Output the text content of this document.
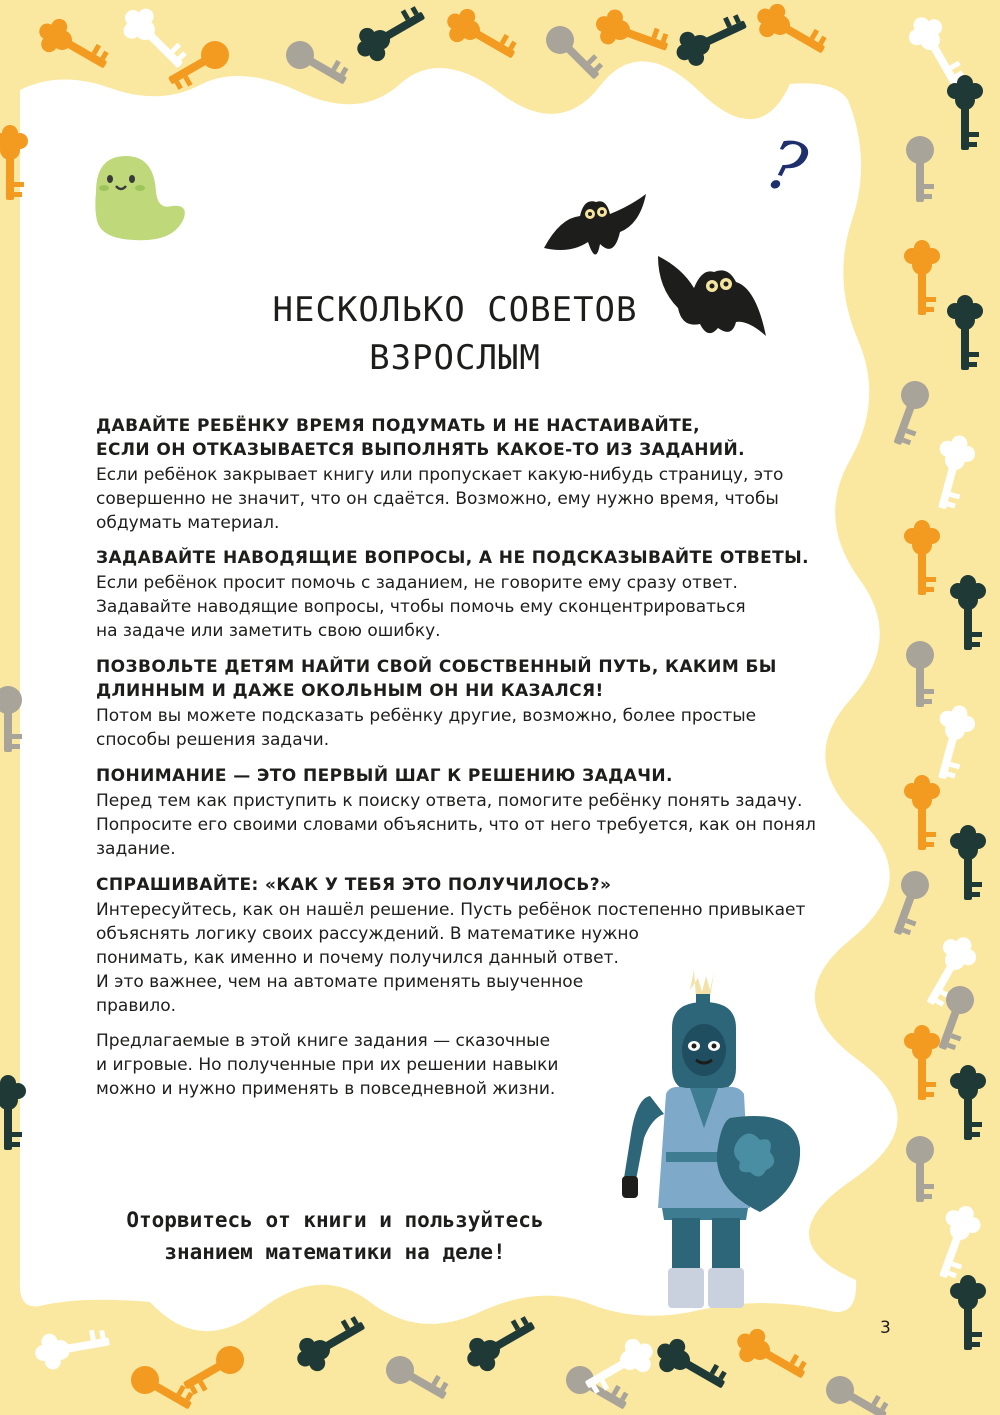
?
НЕСКОЛЬКО СОВЕТОВ
ВЗРОСЛЫМ
ДАВАЙТЕ РЕБЁНКУ ВРЕМЯ ПОДУМАТЬ И НЕ НАСТАИВАЙТЕ,
ЕСЛИ ОН ОТКАЗЫВАЕТСЯ ВЫПОЛНЯТЬ КАКОЕ-ТО ИЗ ЗАДАНИЙ.
Если ребёнок закрывает книгу или пропускает какую-нибудь страницу, это
совершенно не значит, что он сдаётся. Возможно, ему нужно время, чтобы
обдумать материал.
ЗАДАВАЙТЕ НАВОДЯЩИЕ ВОПРОСЫ, А НЕ ПОДСКАЗЫВАЙТЕ ОТВЕТЫ.
Если ребёнок просит помочь с заданием, не говорите ему сразу ответ.
Задавайте наводящие вопросы, чтобы помочь ему сконцентрироваться
на задаче или заметить свою ошибку.
ПОЗВОЛЬТЕ ДЕТЯМ НАЙТИ СВОЙ СОБСТВЕННЫЙ ПУТЬ, КАКИМ БЫ
ДЛИННЫМ И ДАЖЕ ОКОЛЬНЫМ ОН НИ КАЗАЛСЯ!
Потом вы можете подсказать ребёнку другие, возможно, более простые
способы решения задачи.
ПОНИМАНИЕ — ЭТО ПЕРВЫЙ ШАГ К РЕШЕНИЮ ЗАДАЧИ.
Перед тем как приступить к поиску ответа, помогите ребёнку понять задачу.
Попросите его своими словами объяснить, что от него требуется, как он понял
задание.
СПРАШИВАЙТЕ: «КАК У ТЕБЯ ЭТО ПОЛУЧИЛОСЬ?»
Интересуйтесь, как он нашёл решение. Пусть ребёнок постепенно привыкает
объяснять логику своих рассуждений. В математике нужно
понимать, как именно и почему получился данный ответ.
И это важнее, чем на автомате применять выученное
правило.
Предлагаемые в этой книге задания — сказочные
и игровые. Но полученные при их решении навыки
можно и нужно применять в повседневной жизни.
Оторвитесь от книги и пользуйтесь
знанием математики на деле!
3
